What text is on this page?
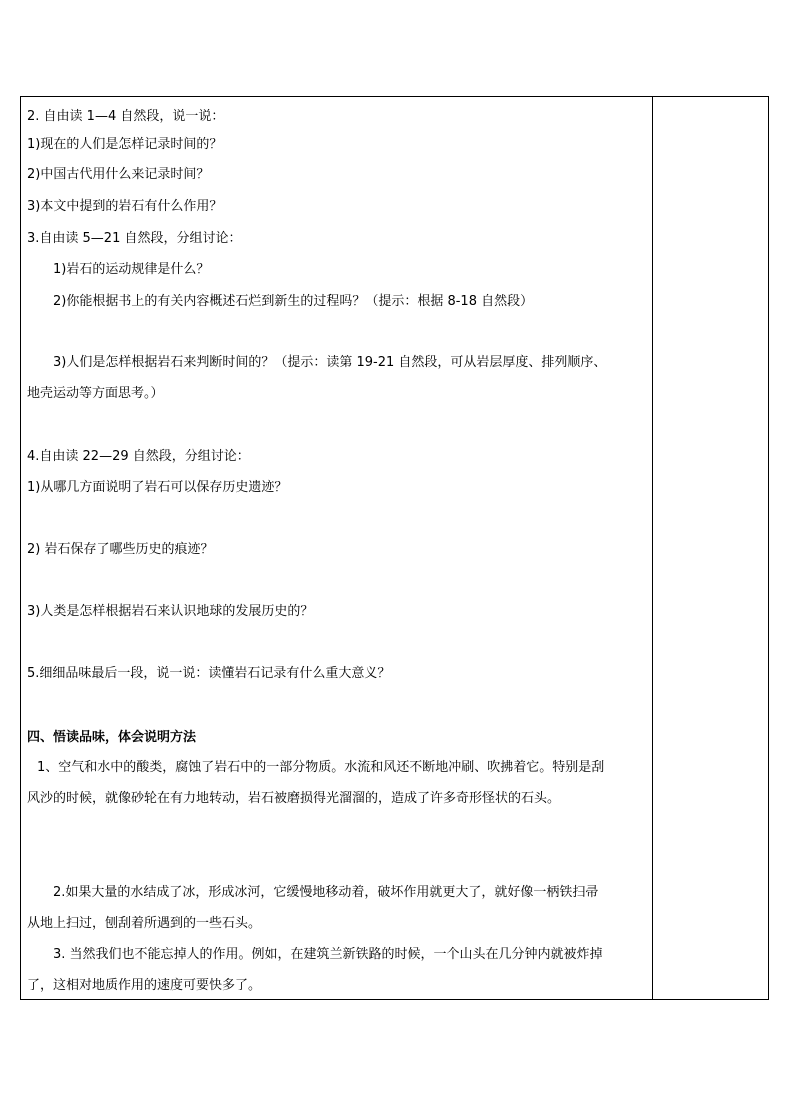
2. 自由读 1—4 自然段，说一说：
1)现在的人们是怎样记录时间的？
2)中国古代用什么来记录时间？
3)本文中提到的岩石有什么作用？
3.自由读 5—21 自然段，分组讨论：
1)岩石的运动规律是什么？
2)你能根据书上的有关内容概述石烂到新生的过程吗？（提示：根据 8-18 自然段）
3)人们是怎样根据岩石来判断时间的？（提示：读第 19-21 自然段，可从岩层厚度、排列顺序、
地壳运动等方面思考。）
4.自由读 22—29 自然段，分组讨论：
1)从哪几方面说明了岩石可以保存历史遗迹？
2) 岩石保存了哪些历史的痕迹？
3)人类是怎样根据岩石来认识地球的发展历史的？
5.细细品味最后一段，说一说：读懂岩石记录有什么重大意义？
四、悟读品味，体会说明方法
1、空气和水中的酸类，腐蚀了岩石中的一部分物质。水流和风还不断地冲刷、吹拂着它。特别是刮
风沙的时候，就像砂轮在有力地转动，岩石被磨损得光溜溜的，造成了许多奇形怪状的石头。
2.如果大量的水结成了冰，形成冰河，它缓慢地移动着，破坏作用就更大了，就好像一柄铁扫帚
从地上扫过，刨刮着所遇到的一些石头。
3. 当然我们也不能忘掉人的作用。例如，在建筑兰新铁路的时候，一个山头在几分钟内就被炸掉
了，这相对地质作用的速度可要快多了。
